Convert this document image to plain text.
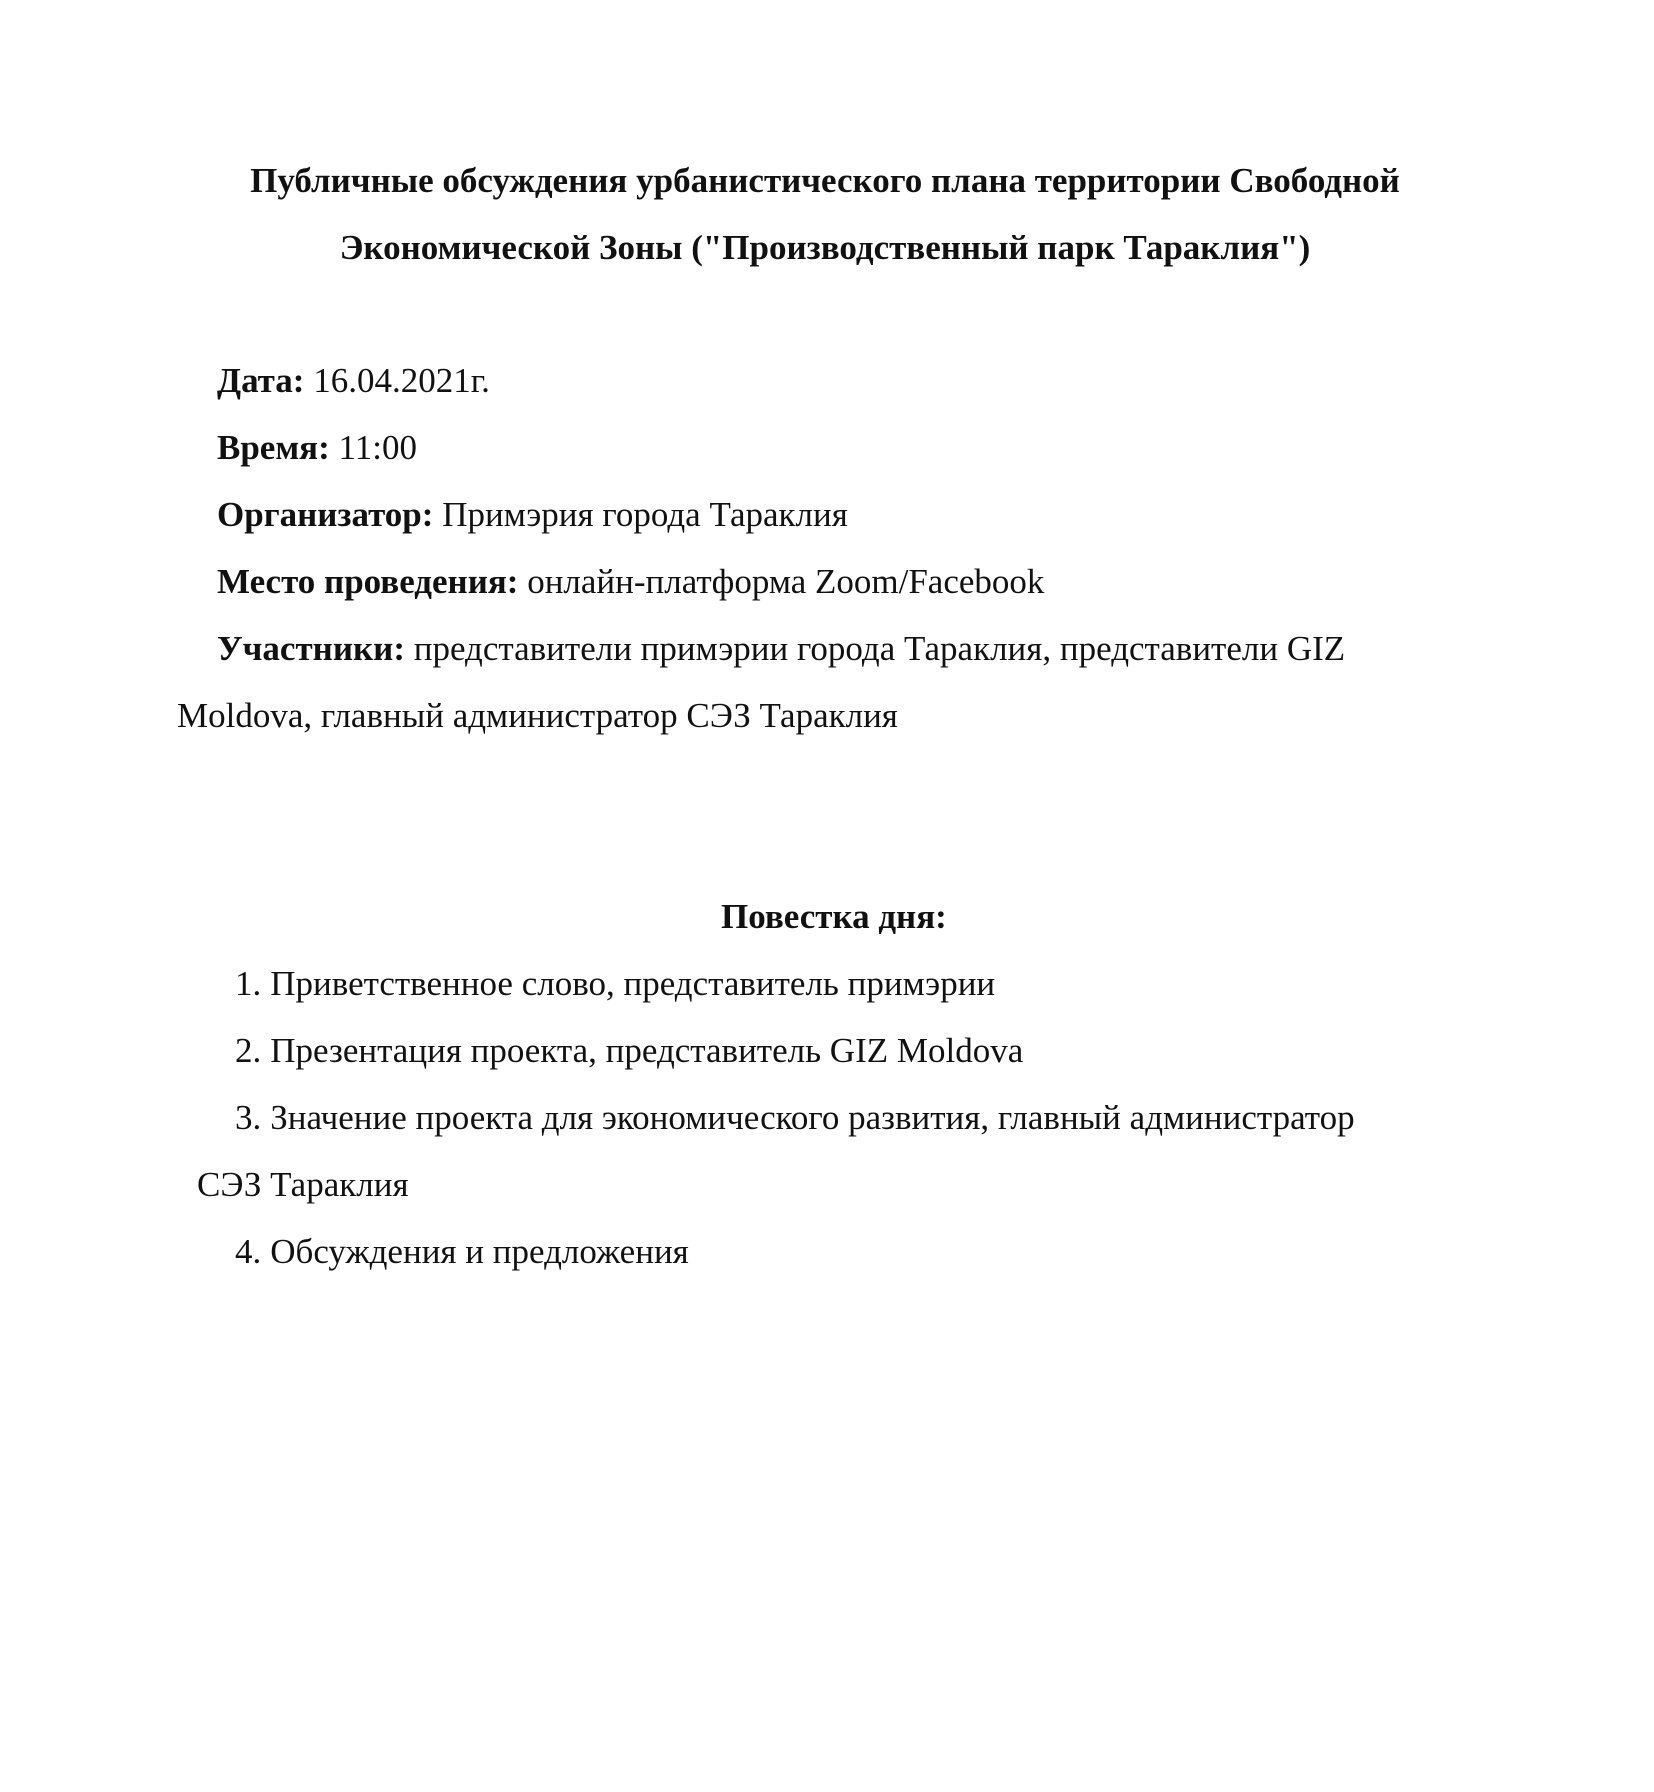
Публичные обсуждения урбанистического плана территории Свободной
Экономической Зоны ("Производственный парк Тараклия")
Дата: 16.04.2021г.
Время: 11:00
Организатор: Примэрия города Тараклия
Место проведения: онлайн-платформа Zoom/Facebook
Участники: представители примэрии города Тараклия, представители GIZ
Moldova, главный администратор СЭЗ Тараклия
Повестка дня:
1. Приветственное слово, представитель примэрии
2. Презентация проекта, представитель GIZ Moldova
3. Значение проекта для экономического развития, главный администратор
СЭЗ Тараклия
4. Обсуждения и предложения
